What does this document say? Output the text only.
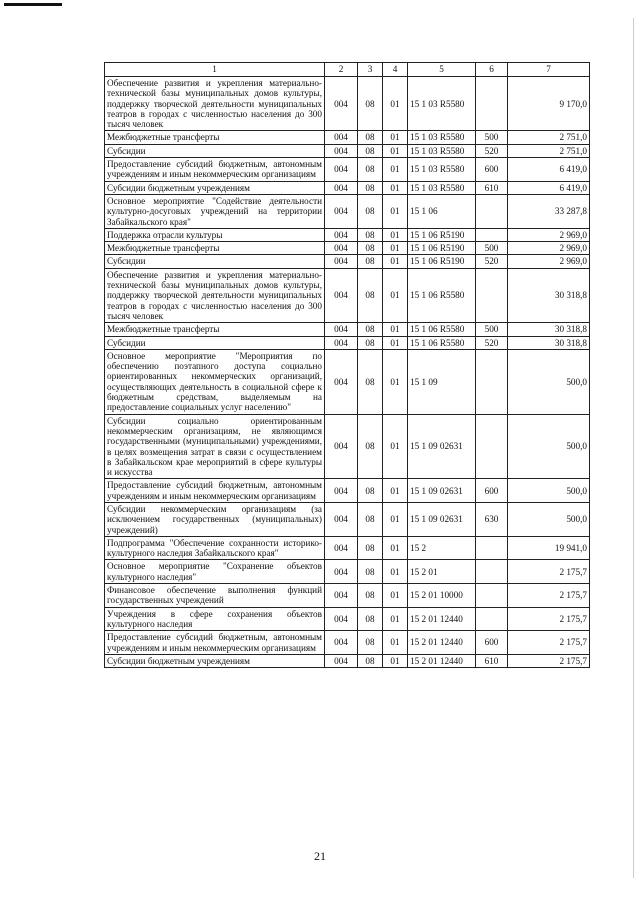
1	2	3	4	5	6	7
Обеспечение развития и укрепления материально-технической базы муниципальных домов культуры, поддержку творческой деятельности муниципальных театров в городах с численностью населения до 300 тысяч человек	004	08	01	15 1 03 R5580		9 170,0
Межбюджетные трансферты	004	08	01	15 1 03 R5580	500	2 751,0
Субсидии	004	08	01	15 1 03 R5580	520	2 751,0
Предоставление субсидий бюджетным, автономным учреждениям и иным некоммерческим организациям	004	08	01	15 1 03 R5580	600	6 419,0
Субсидии бюджетным учреждениям	004	08	01	15 1 03 R5580	610	6 419,0
Основное мероприятие "Содействие деятельности культурно-досуговых учреждений на территории Забайкальского края"	004	08	01	15 1 06		33 287,8
Поддержка отрасли культуры	004	08	01	15 1 06 R5190		2 969,0
Межбюджетные трансферты	004	08	01	15 1 06 R5190	500	2 969,0
Субсидии	004	08	01	15 1 06 R5190	520	2 969,0
Обеспечение развития и укрепления материально-технической базы муниципальных домов культуры, поддержку творческой деятельности муниципальных театров в городах с численностью населения до 300 тысяч человек	004	08	01	15 1 06 R5580		30 318,8
Межбюджетные трансферты	004	08	01	15 1 06 R5580	500	30 318,8
Субсидии	004	08	01	15 1 06 R5580	520	30 318,8
Основное мероприятие "Мероприятия по обеспечению поэтапного доступа социально ориентированных некоммерческих организаций, осуществляющих деятельность в социальной сфере к бюджетным средствам, выделяемым на предоставление социальных услуг населению"	004	08	01	15 1 09		500,0
Субсидии социально ориентированным некоммерческим организациям, не являющимся государственными (муниципальными) учреждениями, в целях возмещения затрат в связи с осуществлением в Забайкальском крае мероприятий в сфере культуры и искусства	004	08	01	15 1 09 02631		500,0
Предоставление субсидий бюджетным, автономным учреждениям и иным некоммерческим организациям	004	08	01	15 1 09 02631	600	500,0
Субсидии некоммерческим организациям (за исключением государственных (муниципальных) учреждений)	004	08	01	15 1 09 02631	630	500,0
Подпрограмма "Обеспечение сохранности историко-культурного наследия Забайкальского края"	004	08	01	15 2		19 941,0
Основное мероприятие "Сохранение объектов культурного наследия"	004	08	01	15 2 01		2 175,7
Финансовое обеспечение выполнения функций государственных учреждений	004	08	01	15 2 01 10000		2 175,7
Учреждения в сфере сохранения объектов культурного наследия	004	08	01	15 2 01 12440		2 175,7
Предоставление субсидий бюджетным, автономным учреждениям и иным некоммерческим организациям	004	08	01	15 2 01 12440	600	2 175,7
Субсидии бюджетным учреждениям	004	08	01	15 2 01 12440	610	2 175,7
21
